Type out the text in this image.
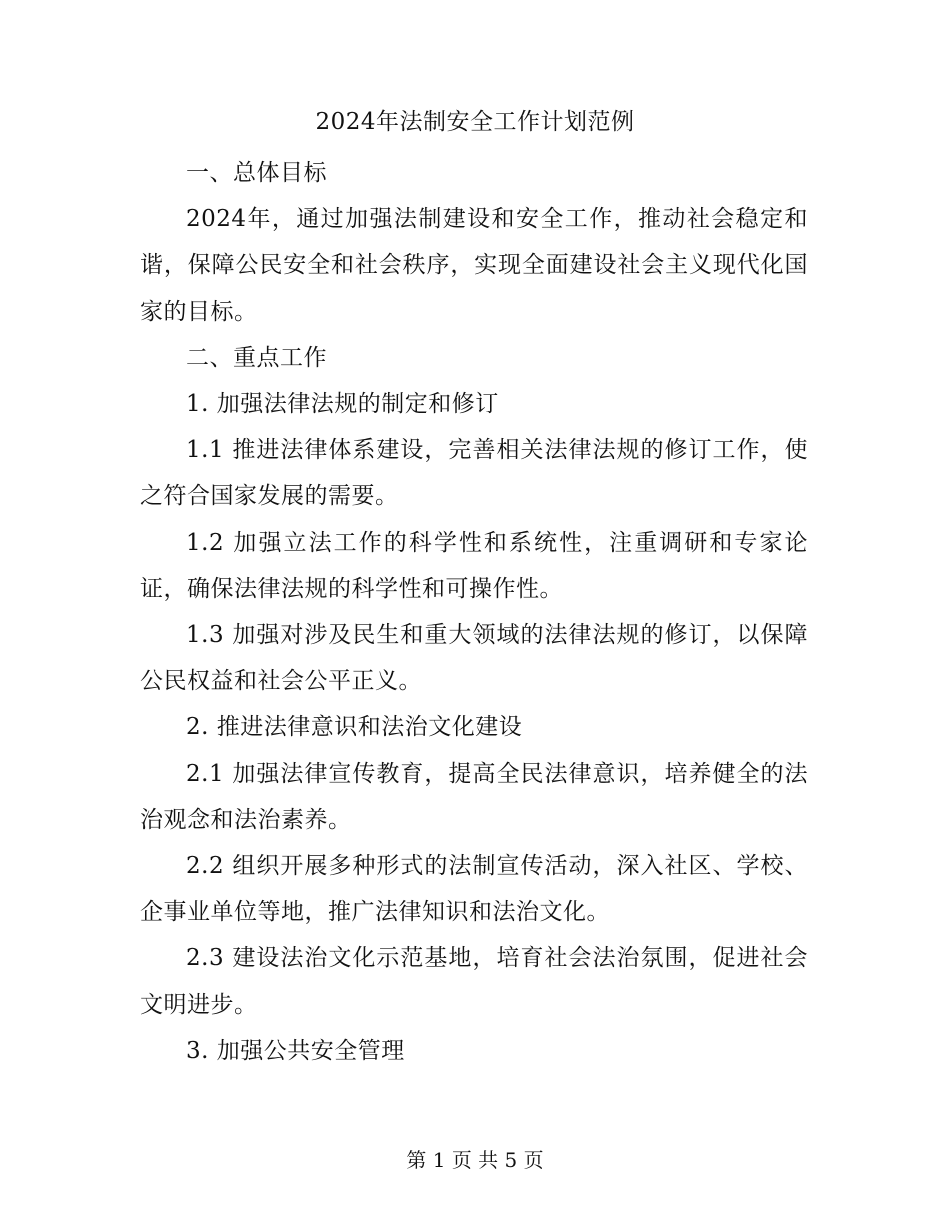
2024年法制安全工作计划范例

一、总体目标

2024年，通过加强法制建设和安全工作，推动社会稳定和谐，保障公民安全和社会秩序，实现全面建设社会主义现代化国家的目标。

二、重点工作

1. 加强法律法规的制定和修订

1.1 推进法律体系建设，完善相关法律法规的修订工作，使之符合国家发展的需要。

1.2 加强立法工作的科学性和系统性，注重调研和专家论证，确保法律法规的科学性和可操作性。

1.3 加强对涉及民生和重大领域的法律法规的修订，以保障公民权益和社会公平正义。

2. 推进法律意识和法治文化建设

2.1 加强法律宣传教育，提高全民法律意识，培养健全的法治观念和法治素养。

2.2 组织开展多种形式的法制宣传活动，深入社区、学校、企事业单位等地，推广法律知识和法治文化。

2.3 建设法治文化示范基地，培育社会法治氛围，促进社会文明进步。

3. 加强公共安全管理

第 1 页 共 5 页
